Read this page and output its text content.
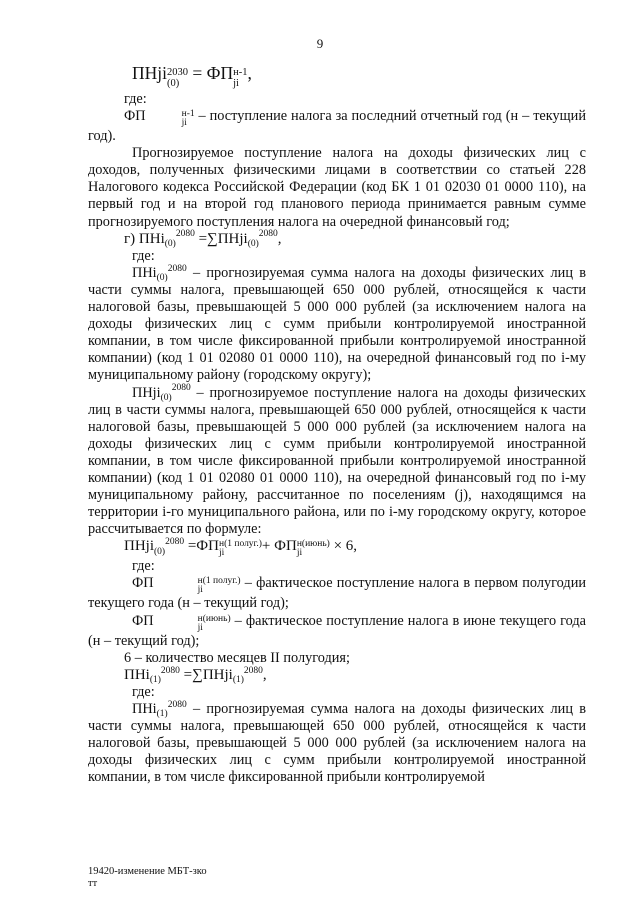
9

ПНji 2030
(0)
= ФП н-1
ji
,

где:

ФП	н-1
ji – поступление налога за последний отчетный год (н – текущий год).

Прогнозируемое поступление налога на доходы физических лиц с доходов, полученных физическими лицами в соответствии со статьей 228 Налогового кодекса Российской Федерации (код БК 1 01 02030 01 0000 110), на первый год и на второй год планового периода принимается равным сумме прогнозируемого поступления налога на очередной финансовый год;

г) ПНi$_{(0)}^{2080}$ =∑ПНji$_{(0)}^{2080}$,

где:

ПНi$_{(0)}^{2080}$ – прогнозируемая сумма налога на доходы физических лиц в части суммы налога, превышающей 650 000 рублей, относящейся к части налоговой базы, превышающей 5 000 000 рублей (за исключением налога на доходы физических лиц с сумм прибыли контролируемой иностранной компании, в том числе фиксированной прибыли контролируемой иностранной компании) (код 1 01 02080 01 0000 110), на очередной финансовый год по i-му муниципальному району (городскому округу);

ПНji$_{(0)}^{2080}$ – прогнозируемое поступление налога на доходы физических лиц в части суммы налога, превышающей 650 000 рублей, относящейся к части налоговой базы, превышающей 5 000 000 рублей (за исключением налога на доходы физических лиц с сумм прибыли контролируемой иностранной компании, в том числе фиксированной прибыли контролируемой иностранной компании) (код 1 01 02080 01 0000 110), на очередной финансовый год по i-му муниципальному району, рассчитанное по поселениям (j), находящимся на территории i-го муниципального района, или по i-му городскому округу, которое рассчитывается по формуле:

ПНji$_{(0)}^{2080}$ =ФП н(1 полуг.)
ji	+ ФП н(июнь)
ji	× 6,

где:

ФП	н(1 полуг.)
ji	– фактическое поступление налога в первом полугодии текущего года (н – текущий год);

ФП	н(июнь)
ji	– фактическое поступление налога в июне текущего года (н – текущий год);

6 – количество месяцев II полугодия;

ПНi$_{(1)}^{2080}$ =∑ПНji$_{(1)}^{2080}$,

где:

ПНi$_{(1)}^{2080}$ – прогнозируемая сумма налога на доходы физических лиц в части суммы налога, превышающей 650 000 рублей, относящейся к части налоговой базы, превышающей 5 000 000 рублей (за исключением налога на доходы физических лиц с сумм прибыли контролируемой иностранной компании, в том числе фиксированной прибыли контролируемой

19420-изменение МБТ-зко
тт
